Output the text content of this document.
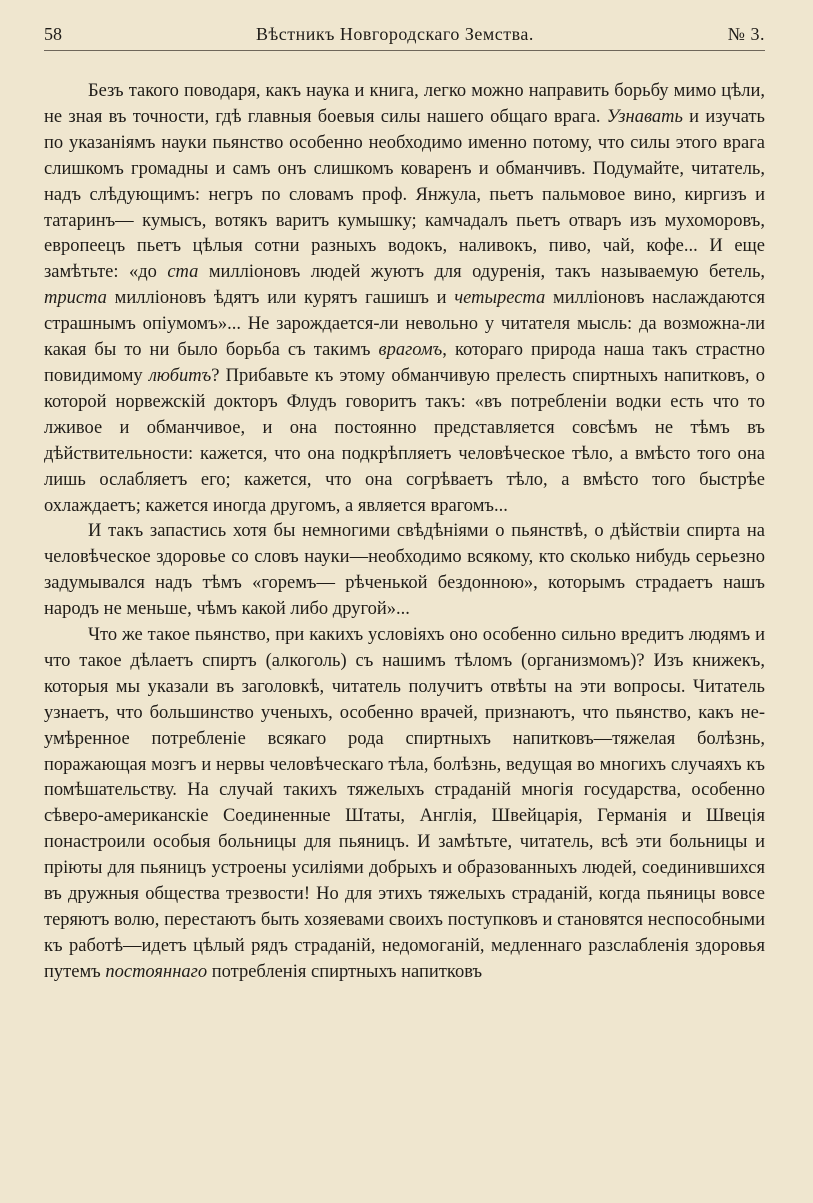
58	Вѣстникъ Новгородскаго Земства.	№ 3.

Безъ такого поводаря, какъ наука и книга, легко можно направить борьбу мимо цѣли, не зная въ точности, гдѣ главныя боевыя силы нашего общаго врага. Узнавать и изучать по указаніямъ науки пьянство особенно необходимо именно потому, что силы этого врага слишкомъ громадны и самъ онъ слишкомъ коваренъ и обманчивъ. Подумайте, читатель, надъ слѣдующимъ: негръ по словамъ проф. Янжула, пьетъ пальмовое вино, киргизъ и татаринъ— кумысъ, вотякъ варитъ кумышку; камчадалъ пьетъ отваръ изъ мухоморовъ, европеецъ пьетъ цѣлыя сотни разныхъ водокъ, наливокъ, пиво, чай, кофе... И еще замѣтьте: «до ста милліоновъ людей жуютъ для одуренія, такъ называемую бетель, триста милліоновъ ѣдятъ или курятъ гашишъ и четыреста милліоновъ наслаждаются страшнымъ опіумомъ»... Не зарождается-ли невольно у читателя мысль: да возможна-ли какая бы то ни было борьба съ такимъ врагомъ, котораго природа наша такъ страстно повидимому любитъ? Прибавьте къ этому обманчивую прелесть спиртныхъ напитковъ, о которой норвежскій докторъ Флудъ говоритъ такъ: «въ потребленіи водки есть что то лживое и обманчивое, и она постоянно представляется совсѣмъ не тѣмъ въ дѣйствительности: кажется, что она подкрѣпляетъ человѣческое тѣло, а вмѣсто того она лишь ослабляетъ его; кажется, что она согрѣваетъ тѣло, а вмѣсто того быстрѣе охлаждаетъ; кажется иногда другомъ, а является врагомъ...

И такъ запастись хотя бы немногими свѣдѣніями о пьянствѣ, о дѣйствіи спирта на человѣческое здоровье со словъ науки—необходимо всякому, кто сколько нибудь серьезно задумывался надъ тѣмъ «горемъ— рѣченькой бездонною», которымъ страдаетъ нашъ народъ не меньше, чѣмъ какой либо другой»...

Что же такое пьянство, при какихъ условіяхъ оно особенно сильно вредитъ людямъ и что такое дѣлаетъ спиртъ (алкоголь) съ нашимъ тѣломъ (организмомъ)? Изъ книжекъ, которыя мы указали въ заголовкѣ, читатель получитъ отвѣты на эти вопросы. Читатель узнаетъ, что большинство ученыхъ, особенно врачей, признаютъ, что пьянство, какъ неумѣренное потребленіе всякаго рода спиртныхъ напитковъ—тяжелая болѣзнь, поражающая мозгъ и нервы человѣческаго тѣла, болѣзнь, ведущая во многихъ случаяхъ къ помѣшательству. На случай такихъ тяжелыхъ страданій многія государства, особенно сѣверо-американскіе Соединенные Штаты, Англія, Швейцарія, Германія и Швеція понастроили особыя больницы для пьяницъ. И замѣтьте, читатель, всѣ эти больницы и пріюты для пьяницъ устроены усиліями добрыхъ и образованныхъ людей, соединившихся въ дружныя общества трезвости! Но для этихъ тяжелыхъ страданій, когда пьяницы вовсе теряютъ волю, перестаютъ быть хозяевами своихъ поступковъ и становятся неспособными къ работѣ—идетъ цѣлый рядъ страданій, недомоганій, медленнаго разслабленія здоровья путемъ постояннаго потребленія спиртныхъ напитковъ
